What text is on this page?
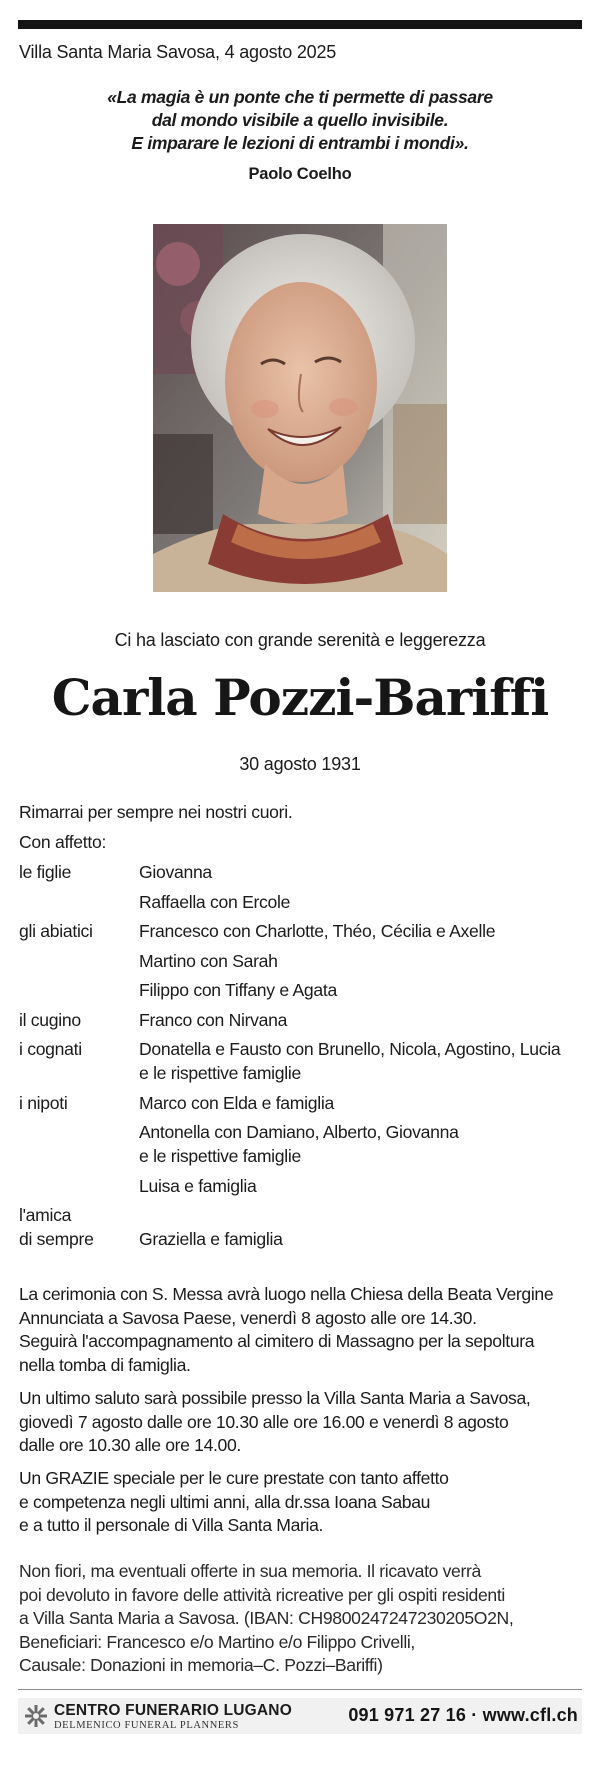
Villa Santa Maria Savosa, 4 agosto 2025
«La magia è un ponte che ti permette di passare
dal mondo visibile a quello invisibile.
E imparare le lezioni di entrambi i mondi».
Paolo Coelho
Ci ha lasciato con grande serenità e leggerezza
Carla Pozzi-Bariffi
30 agosto 1931
Rimarrai per sempre nei nostri cuori.
Con affetto:
le figlie	Giovanna
Raffaella con Ercole
gli abiatici	Francesco con Charlotte, Théo, Cécilia e Axelle
Martino con Sarah
Filippo con Tiffany e Agata
il cugino	Franco con Nirvana
i cognati	Donatella e Fausto con Brunello, Nicola, Agostino, Lucia
e le rispettive famiglie
i nipoti	Marco con Elda e famiglia
Antonella con Damiano, Alberto, Giovanna
e le rispettive famiglie
Luisa e famiglia
l'amica
di sempre
	Graziella e famiglia
La cerimonia con S. Messa avrà luogo nella Chiesa della Beata Vergine
Annunciata a Savosa Paese, venerdì 8 agosto alle ore 14.30.
Seguirà l'accompagnamento al cimitero di Massagno per la sepoltura
nella tomba di famiglia.
Un ultimo saluto sarà possibile presso la Villa Santa Maria a Savosa,
giovedì 7 agosto dalle ore 10.30 alle ore 16.00 e venerdì 8 agosto
dalle ore 10.30 alle ore 14.00.
Un GRAZIE speciale per le cure prestate con tanto affetto
e competenza negli ultimi anni, alla dr.ssa Ioana Sabau
e a tutto il personale di Villa Santa Maria.
Non fiori, ma eventuali offerte in sua memoria. Il ricavato verrà
poi devoluto in favore delle attività ricreative per gli ospiti residenti
a Villa Santa Maria a Savosa. (IBAN: CH9800247247230205O2N,
Beneficiari: Francesco e/o Martino e/o Filippo Crivelli,
Causale: Donazioni in memoria–C. Pozzi–Bariffi)
CENTRO FUNERARIO LUGANO
DELMENICO FUNERAL PLANNERS
091 971 27 16 · www.cfl.ch
